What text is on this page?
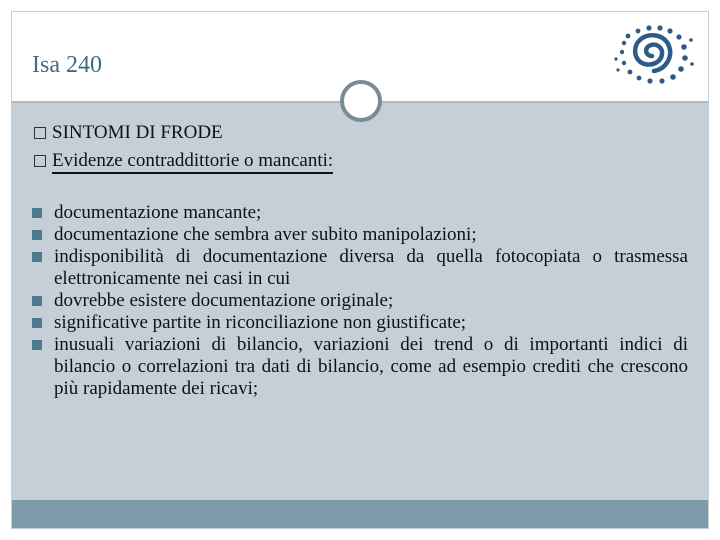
Isa 240
SINTOMI DI FRODE
Evidenze contraddittorie o mancanti:
documentazione mancante;
documentazione che sembra aver subito manipolazioni;
indisponibilità di documentazione diversa da quella fotocopiata o trasmessa elettronicamente nei casi in cui
dovrebbe esistere documentazione originale;
significative partite in riconciliazione non giustificate;
inusuali variazioni di bilancio, variazioni dei trend o di importanti indici di bilancio o correlazioni tra dati di bilancio, come ad esempio crediti che crescono più rapidamente dei ricavi;
